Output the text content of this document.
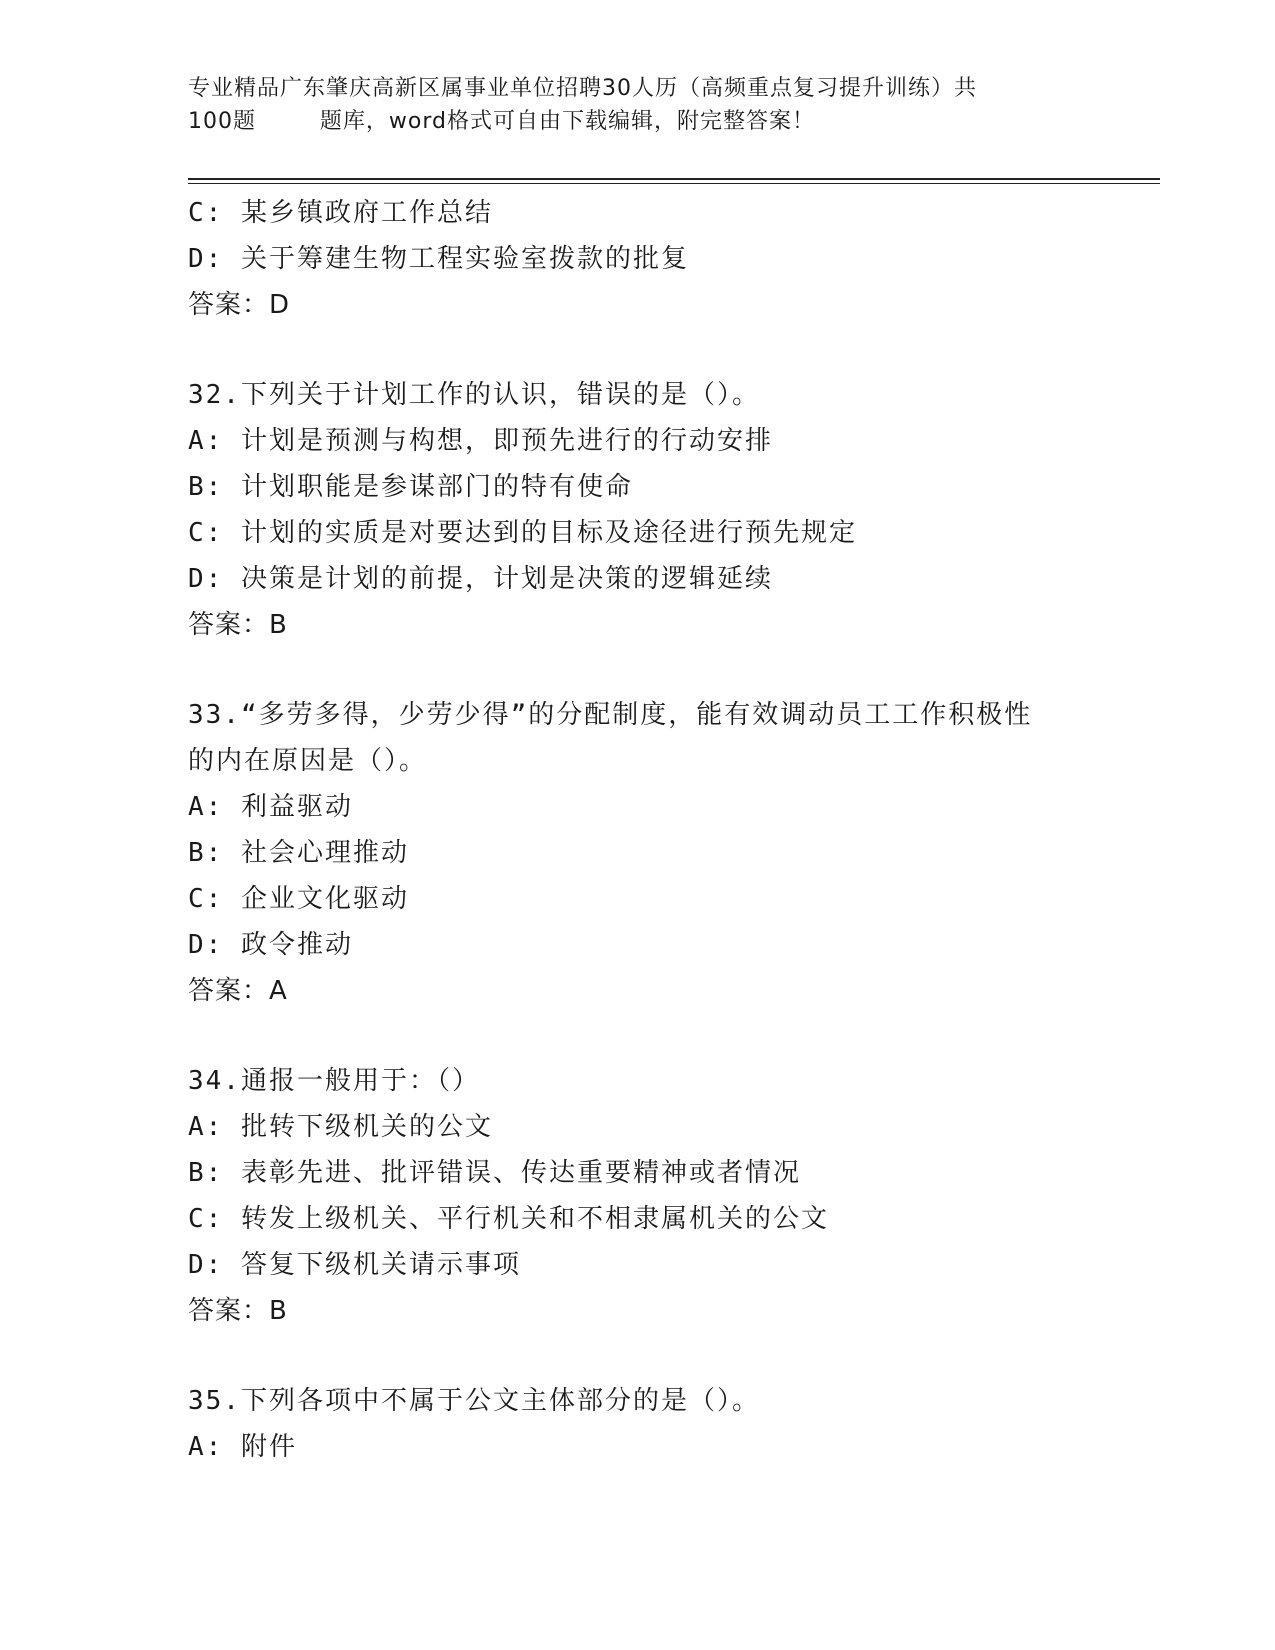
专业精品广东肇庆高新区属事业单位招聘30人历（高频重点复习提升训练）共
100题        题库，word格式可自由下载编辑，附完整答案！
C: 某乡镇政府工作总结
D: 关于筹建生物工程实验室拨款的批复
答案：D
32.下列关于计划工作的认识，错误的是（）。
A: 计划是预测与构想，即预先进行的行动安排
B: 计划职能是参谋部门的特有使命
C: 计划的实质是对要达到的目标及途径进行预先规定
D: 决策是计划的前提，计划是决策的逻辑延续
答案：B
33.“多劳多得，少劳少得”的分配制度，能有效调动员工工作积极性
的内在原因是（）。
A: 利益驱动
B: 社会心理推动
C: 企业文化驱动
D: 政令推动
答案：A
34.通报一般用于：（）
A: 批转下级机关的公文
B: 表彰先进、批评错误、传达重要精神或者情况
C: 转发上级机关、平行机关和不相隶属机关的公文
D: 答复下级机关请示事项
答案：B
35.下列各项中不属于公文主体部分的是（）。
A: 附件
